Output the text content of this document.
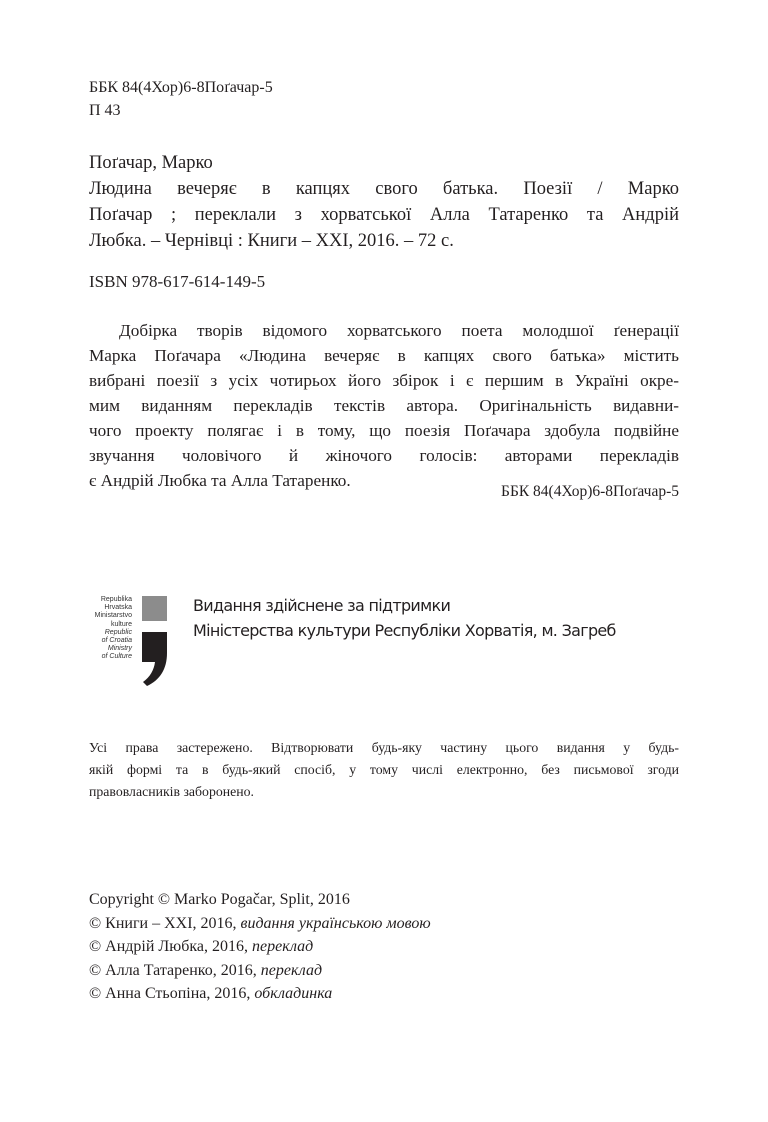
ББК 84(4Хор)6-8Поґачар-5
П 43
Поґачар, Марко
Людина вечеряє в капцях свого батька. Поезії / Марко
Поґачар ; переклали з хорватської Алла Татаренко та Андрій
Любка. – Чернівці : Книги – ХХІ, 2016. – 72 с.
ISBN 978-617-614-149-5
Добірка творів відомого хорватського поета молодшої ґенерації
Марка Поґачара «Людина вечеряє в капцях свого батька» містить
вибрані поезії з усіх чотирьох його збірок і є першим в Україні окре-
мим виданням перекладів текстів автора. Оригінальність видавни-
чого проекту полягає і в тому, що поезія Поґачара здобула подвійне
звучання чоловічого й жіночого голосів: авторами перекладів
є Андрій Любка та Алла Татаренко.
ББК 84(4Хор)6-8Поґачар-5
Republika
Hrvatska
Ministarstvo
kulture
Republic
of Croatia
Ministry
of Culture
Видання здійснене за підтримки
Міністерства культури Республіки Хорватія, м. Загреб
Усі права застережено. Відтворювати будь-яку частину цього видання у будь-
якій формі та в будь-який спосіб, у тому числі електронно, без письмової згоди
правовласників заборонено.
Copyright © Marko Pogačar, Split, 2016
© Книги – ХХІ, 2016, видання українською мовою
© Андрій Любка, 2016, переклад
© Алла Татаренко, 2016, переклад
© Анна Стьопіна, 2016, обкладинка
